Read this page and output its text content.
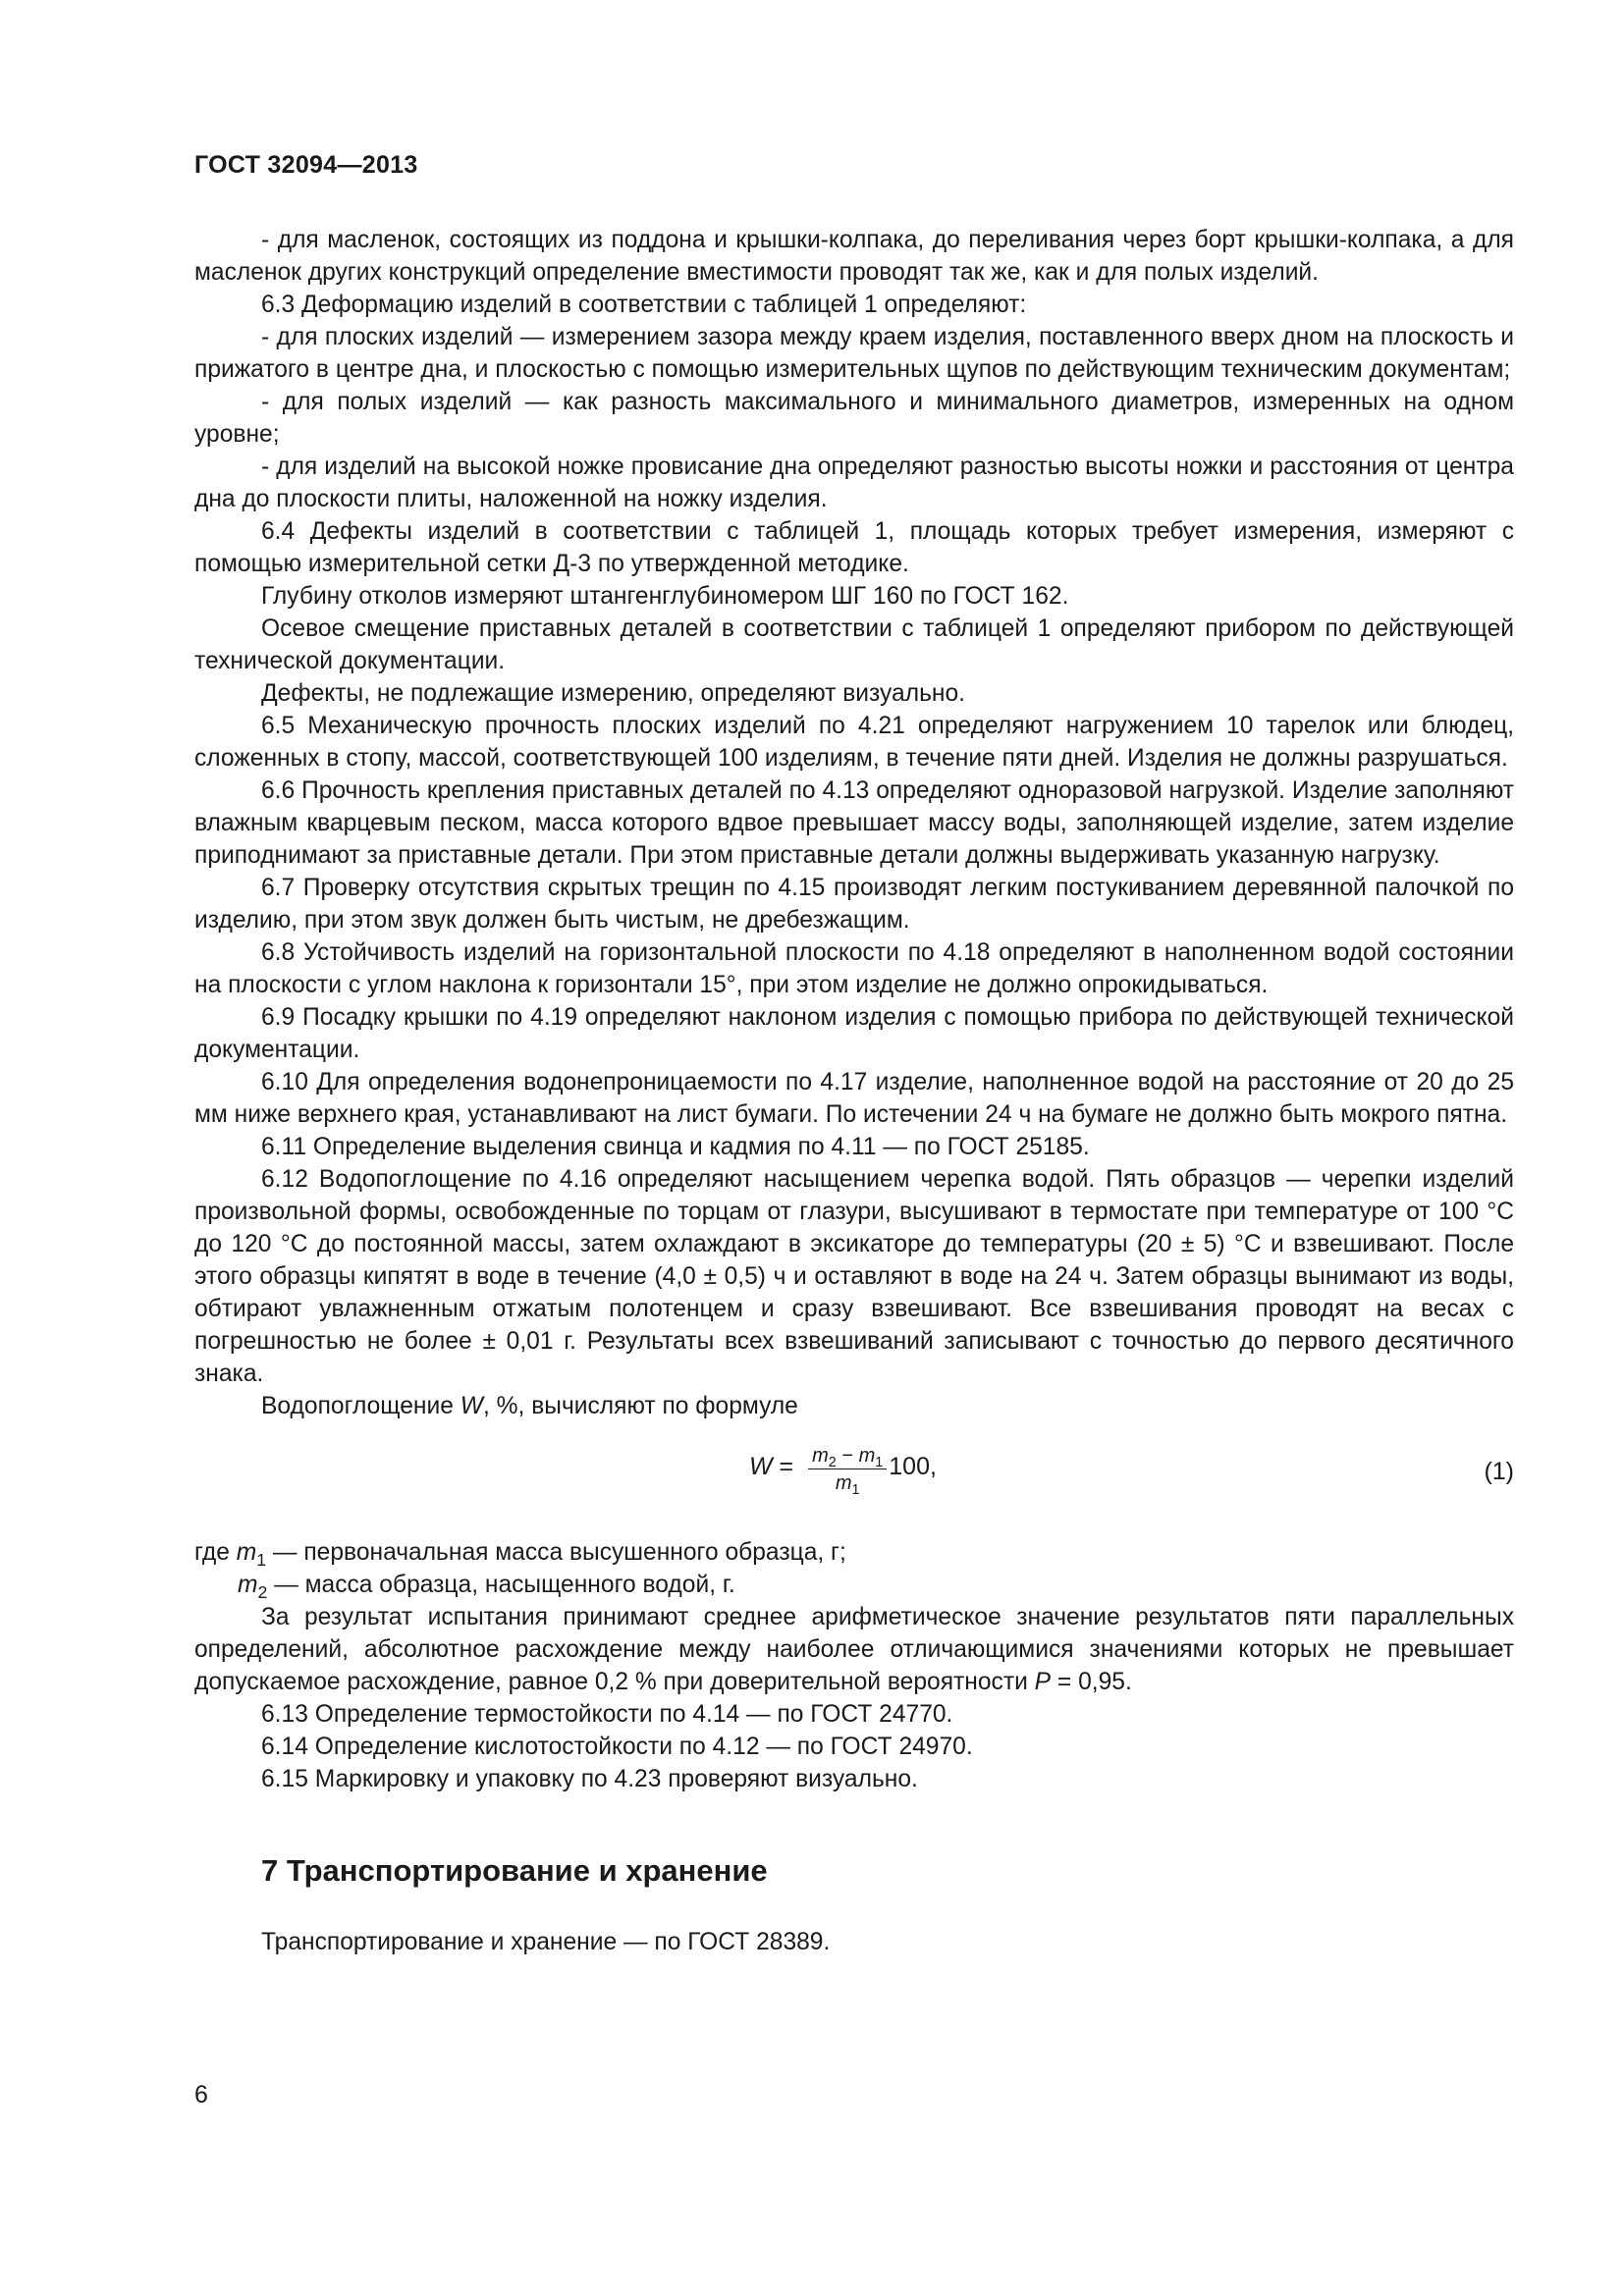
ГОСТ 32094—2013

- для масленок, состоящих из поддона и крышки-колпака, до переливания через борт крышки-колпака, а для масленок других конструкций определение вместимости проводят так же, как и для полых изделий.

6.3 Деформацию изделий в соответствии с таблицей 1 определяют:

- для плоских изделий — измерением зазора между краем изделия, поставленного вверх дном на плоскость и прижатого в центре дна, и плоскостью с помощью измерительных щупов по действующим техническим документам;

- для полых изделий — как разность максимального и минимального диаметров, измеренных на одном уровне;

- для изделий на высокой ножке провисание дна определяют разностью высоты ножки и расстояния от центра дна до плоскости плиты, наложенной на ножку изделия.

6.4 Дефекты изделий в соответствии с таблицей 1, площадь которых требует измерения, измеряют с помощью измерительной сетки Д-3 по утвержденной методике.

Глубину отколов измеряют штангенглубиномером ШГ 160 по ГОСТ 162.

Осевое смещение приставных деталей в соответствии с таблицей 1 определяют прибором по действующей технической документации.

Дефекты, не подлежащие измерению, определяют визуально.

6.5 Механическую прочность плоских изделий по 4.21 определяют нагружением 10 тарелок или блюдец, сложенных в стопу, массой, соответствующей 100 изделиям, в течение пяти дней. Изделия не должны разрушаться.

6.6 Прочность крепления приставных деталей по 4.13 определяют одноразовой нагрузкой. Изделие заполняют влажным кварцевым песком, масса которого вдвое превышает массу воды, заполняющей изделие, затем изделие приподнимают за приставные детали. При этом приставные детали должны выдерживать указанную нагрузку.

6.7 Проверку отсутствия скрытых трещин по 4.15 производят легким постукиванием деревянной палочкой по изделию, при этом звук должен быть чистым, не дребезжащим.

6.8 Устойчивость изделий на горизонтальной плоскости по 4.18 определяют в наполненном водой состоянии на плоскости с углом наклона к горизонтали 15°, при этом изделие не должно опрокидываться.

6.9 Посадку крышки по 4.19 определяют наклоном изделия с помощью прибора по действующей технической документации.

6.10 Для определения водонепроницаемости по 4.17 изделие, наполненное водой на расстояние от 20 до 25 мм ниже верхнего края, устанавливают на лист бумаги. По истечении 24 ч на бумаге не должно быть мокрого пятна.

6.11 Определение выделения свинца и кадмия по 4.11 — по ГОСТ 25185.

6.12 Водопоглощение по 4.16 определяют насыщением черепка водой. Пять образцов — черепки изделий произвольной формы, освобожденные по торцам от глазури, высушивают в термостате при температуре от 100 °С до 120 °С до постоянной массы, затем охлаждают в эксикаторе до температуры (20 ± 5) °С и взвешивают. После этого образцы кипятят в воде в течение (4,0 ± 0,5) ч и оставляют в воде на 24 ч. Затем образцы вынимают из воды, обтирают увлажненным отжатым полотенцем и сразу взвешивают. Все взвешивания проводят на весах с погрешностью не более ± 0,01 г. Результаты всех взвешиваний записывают с точностью до первого десятичного знака.

Водопоглощение W, %, вычисляют по формуле

$W = \frac{m_2 - m_1}{m_1} 100$,	(1)
где $m_1$ — первоначальная масса высушенного образца, г;
$m_2$ — масса образца, насыщенного водой, г.

За результат испытания принимают среднее арифметическое значение результатов пяти параллельных определений, абсолютное расхождение между наиболее отличающимися значениями которых не превышает допускаемое расхождение, равное 0,2 % при доверительной вероятности P = 0,95.

6.13 Определение термостойкости по 4.14 — по ГОСТ 24770.

6.14 Определение кислотостойкости по 4.12 — по ГОСТ 24970.

6.15 Маркировку и упаковку по 4.23 проверяют визуально.

7 Транспортирование и хранение

Транспортирование и хранение — по ГОСТ 28389.

6
